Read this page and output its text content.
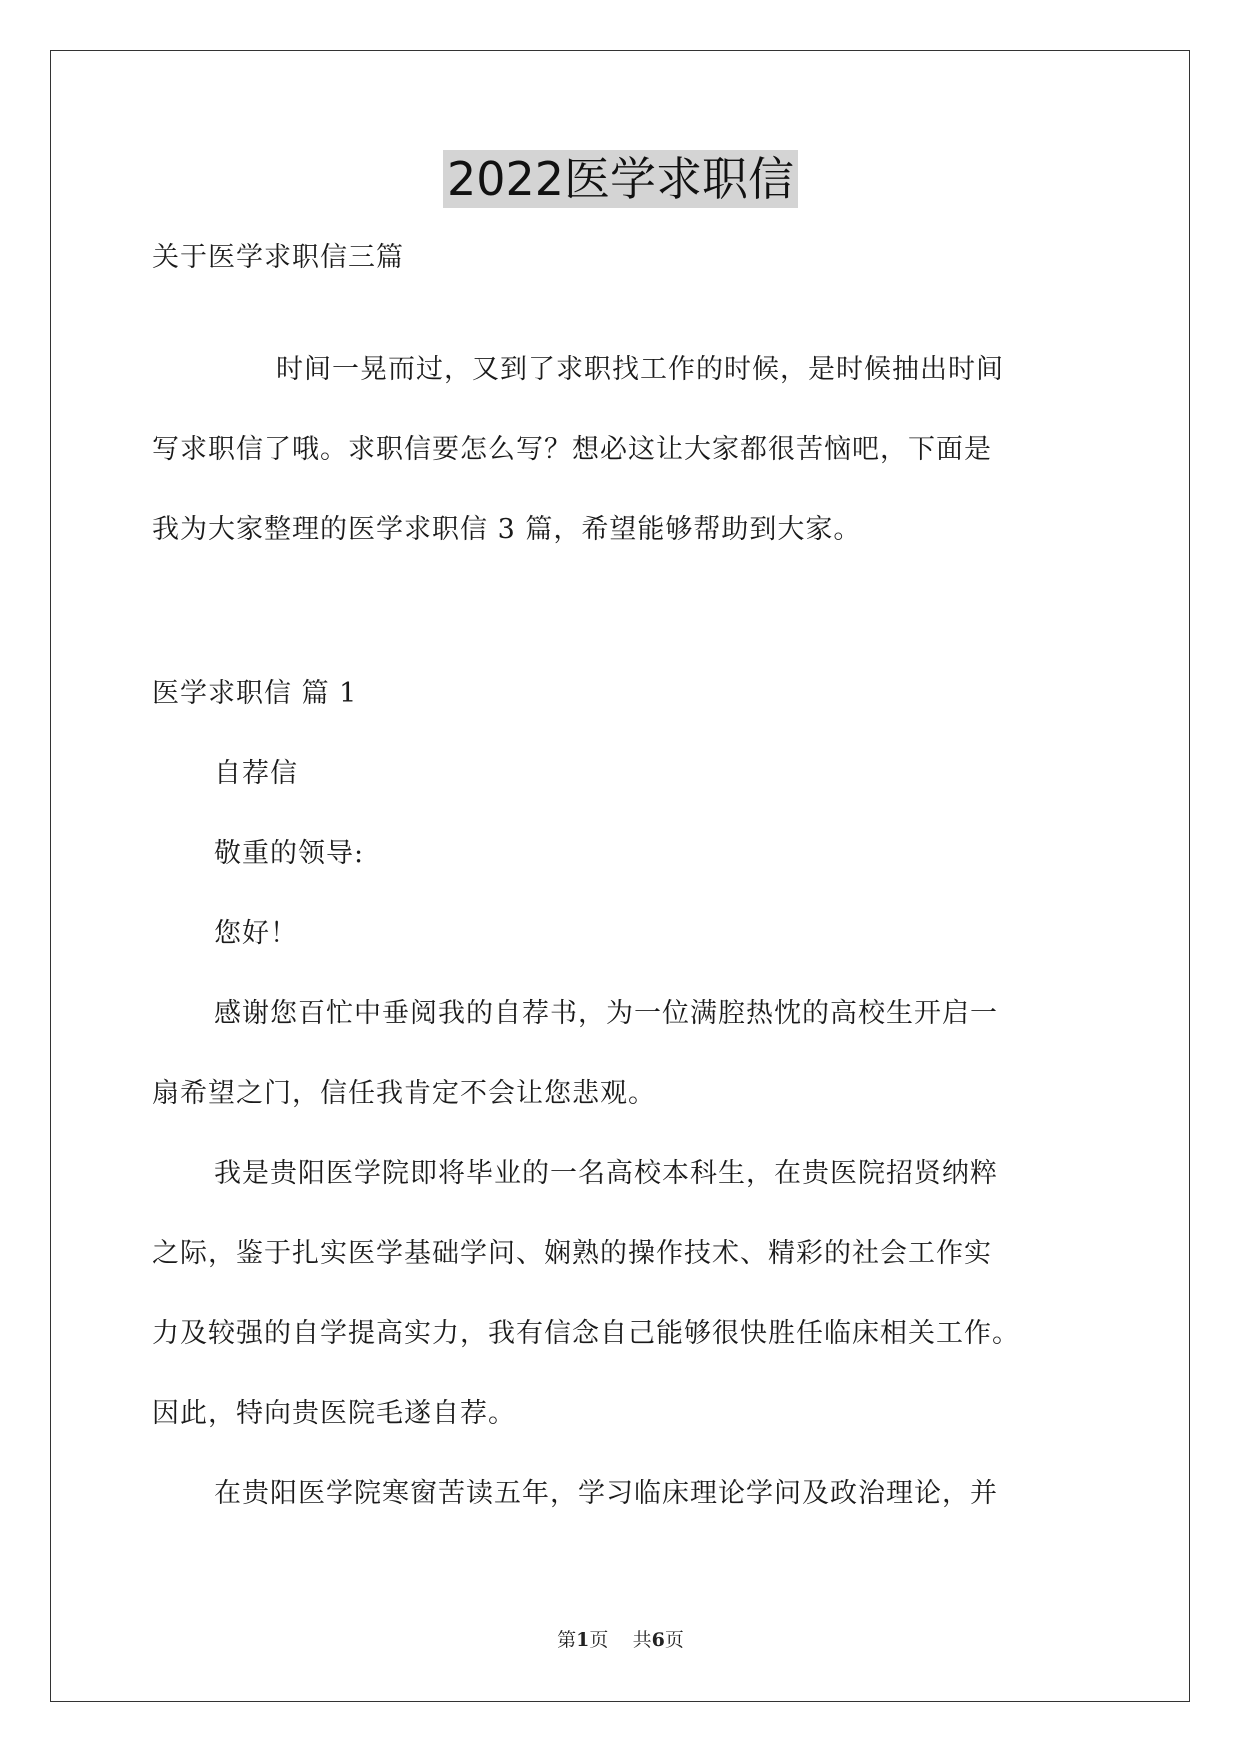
2022医学求职信
关于医学求职信三篇
时间一晃而过，又到了求职找工作的时候，是时候抽出时间
写求职信了哦。求职信要怎么写？想必这让大家都很苦恼吧，下面是
我为大家整理的医学求职信 3 篇，希望能够帮助到大家。
医学求职信 篇 1
自荐信
敬重的领导:
您好！
感谢您百忙中垂阅我的自荐书，为一位满腔热忱的高校生开启一
扇希望之门，信任我肯定不会让您悲观。
我是贵阳医学院即将毕业的一名高校本科生，在贵医院招贤纳粹
之际，鉴于扎实医学基础学问、娴熟的操作技术、精彩的社会工作实
力及较强的自学提高实力，我有信念自己能够很快胜任临床相关工作。
因此，特向贵医院毛遂自荐。
在贵阳医学院寒窗苦读五年，学习临床理论学问及政治理论，并
第1页    共6页
